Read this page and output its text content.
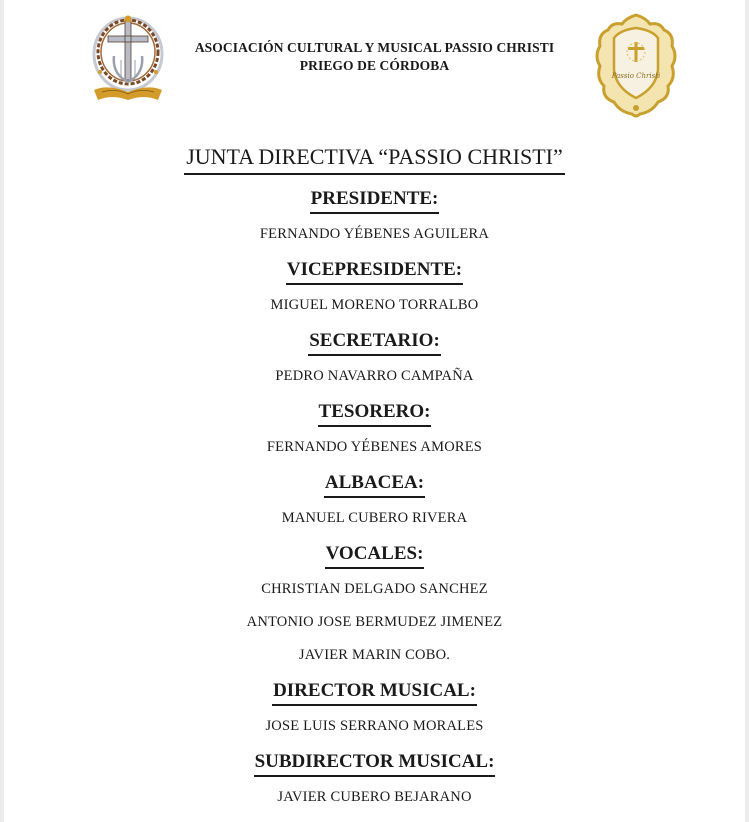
ASOCIACIÓN CULTURAL Y MUSICAL PASSIO CHRISTI
PRIEGO DE CÓRDOBA
Passio Christi
JUNTA DIRECTIVA “PASSIO CHRISTI”
PRESIDENTE:
FERNANDO YÉBENES AGUILERA
VICEPRESIDENTE:
MIGUEL MORENO TORRALBO
SECRETARIO:
PEDRO NAVARRO CAMPAÑA
TESORERO:
FERNANDO YÉBENES AMORES
ALBACEA:
MANUEL CUBERO RIVERA
VOCALES:
CHRISTIAN DELGADO SANCHEZ
ANTONIO JOSE BERMUDEZ JIMENEZ
JAVIER MARIN COBO.
DIRECTOR MUSICAL:
JOSE LUIS SERRANO MORALES
SUBDIRECTOR MUSICAL:
JAVIER CUBERO BEJARANO
